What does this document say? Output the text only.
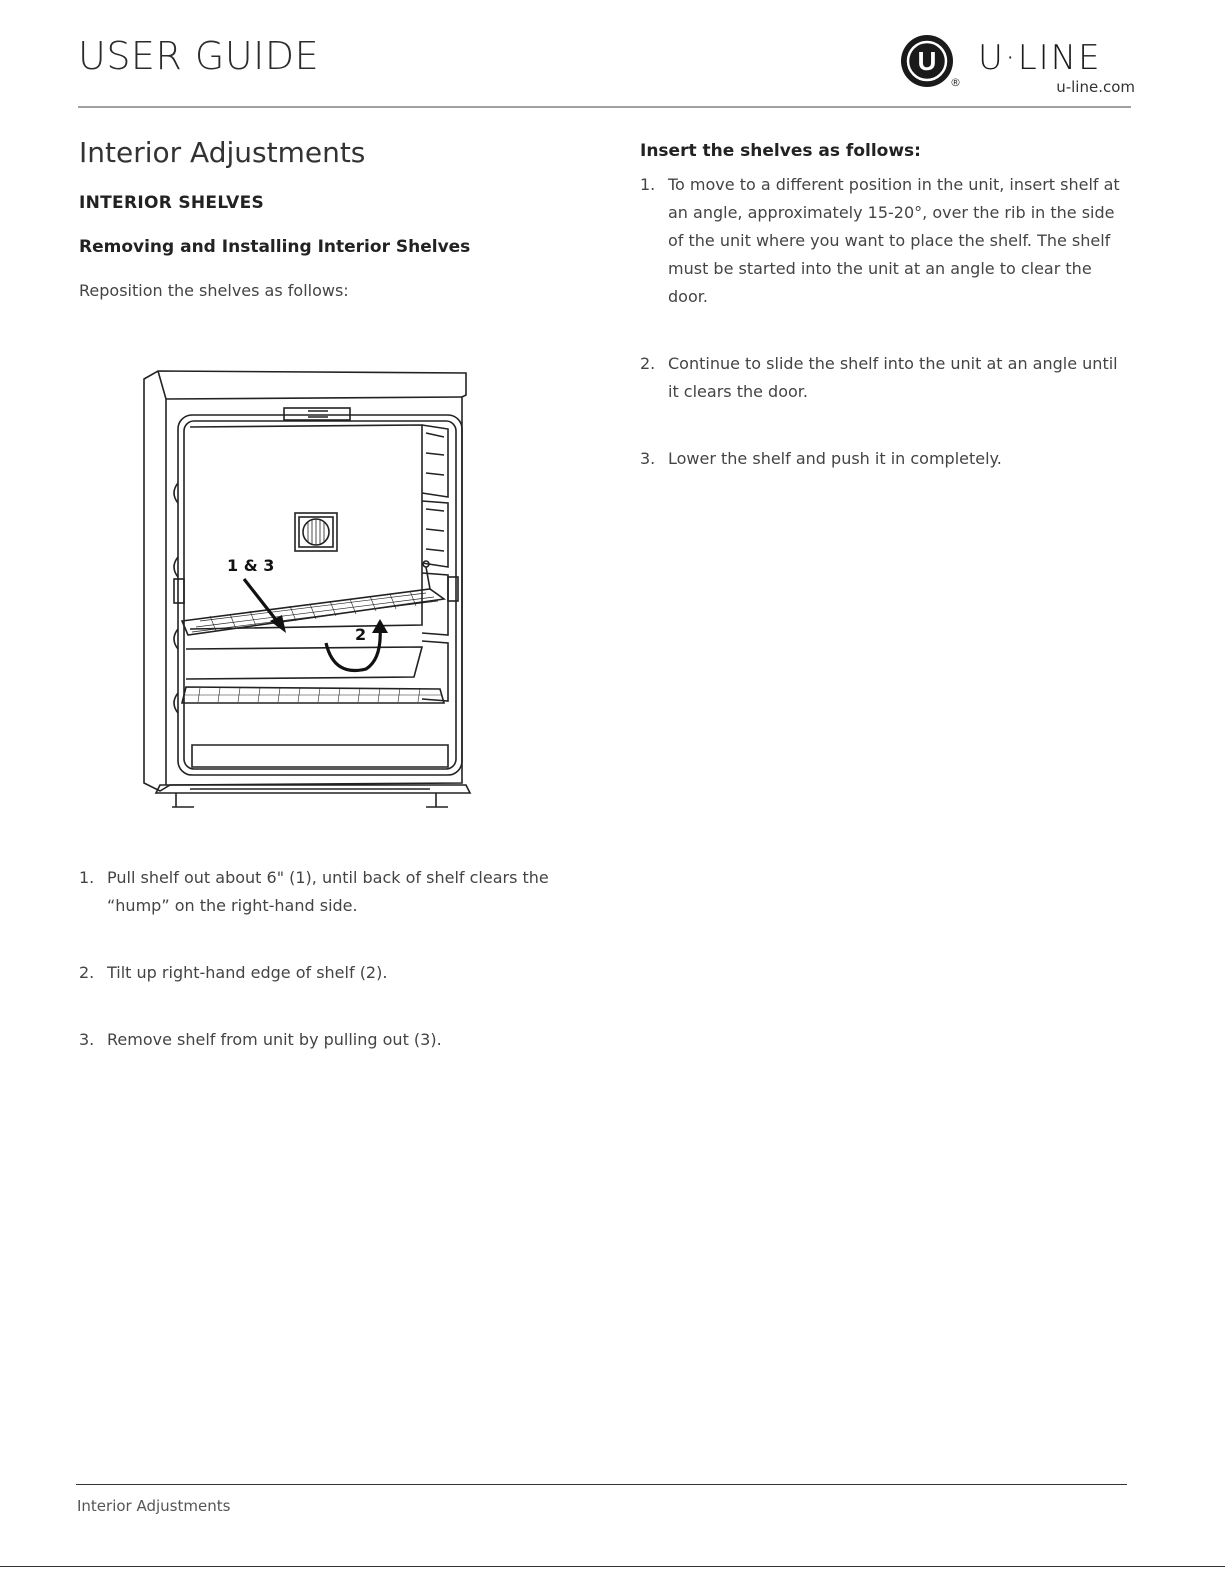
USER GUIDE	U
®
U·LINE
u-line.com
Interior Adjustments
INTERIOR SHELVES
Removing and Installing Interior Shelves
Reposition the shelves as follows:
1 & 3
2
1. Pull shelf out about 6" (1), until back of shelf clears the “hump” on the right-hand side.
2. Tilt up right-hand edge of shelf (2).
3. Remove shelf from unit by pulling out (3).
Insert the shelves as follows:
1. To move to a different position in the unit, insert shelf at an angle, approximately 15-20°, over the rib in the side of the unit where you want to place the shelf. The shelf must be started into the unit at an angle to clear the door.
2. Continue to slide the shelf into the unit at an angle until it clears the door.
3. Lower the shelf and push it in completely.
Interior Adjustments
